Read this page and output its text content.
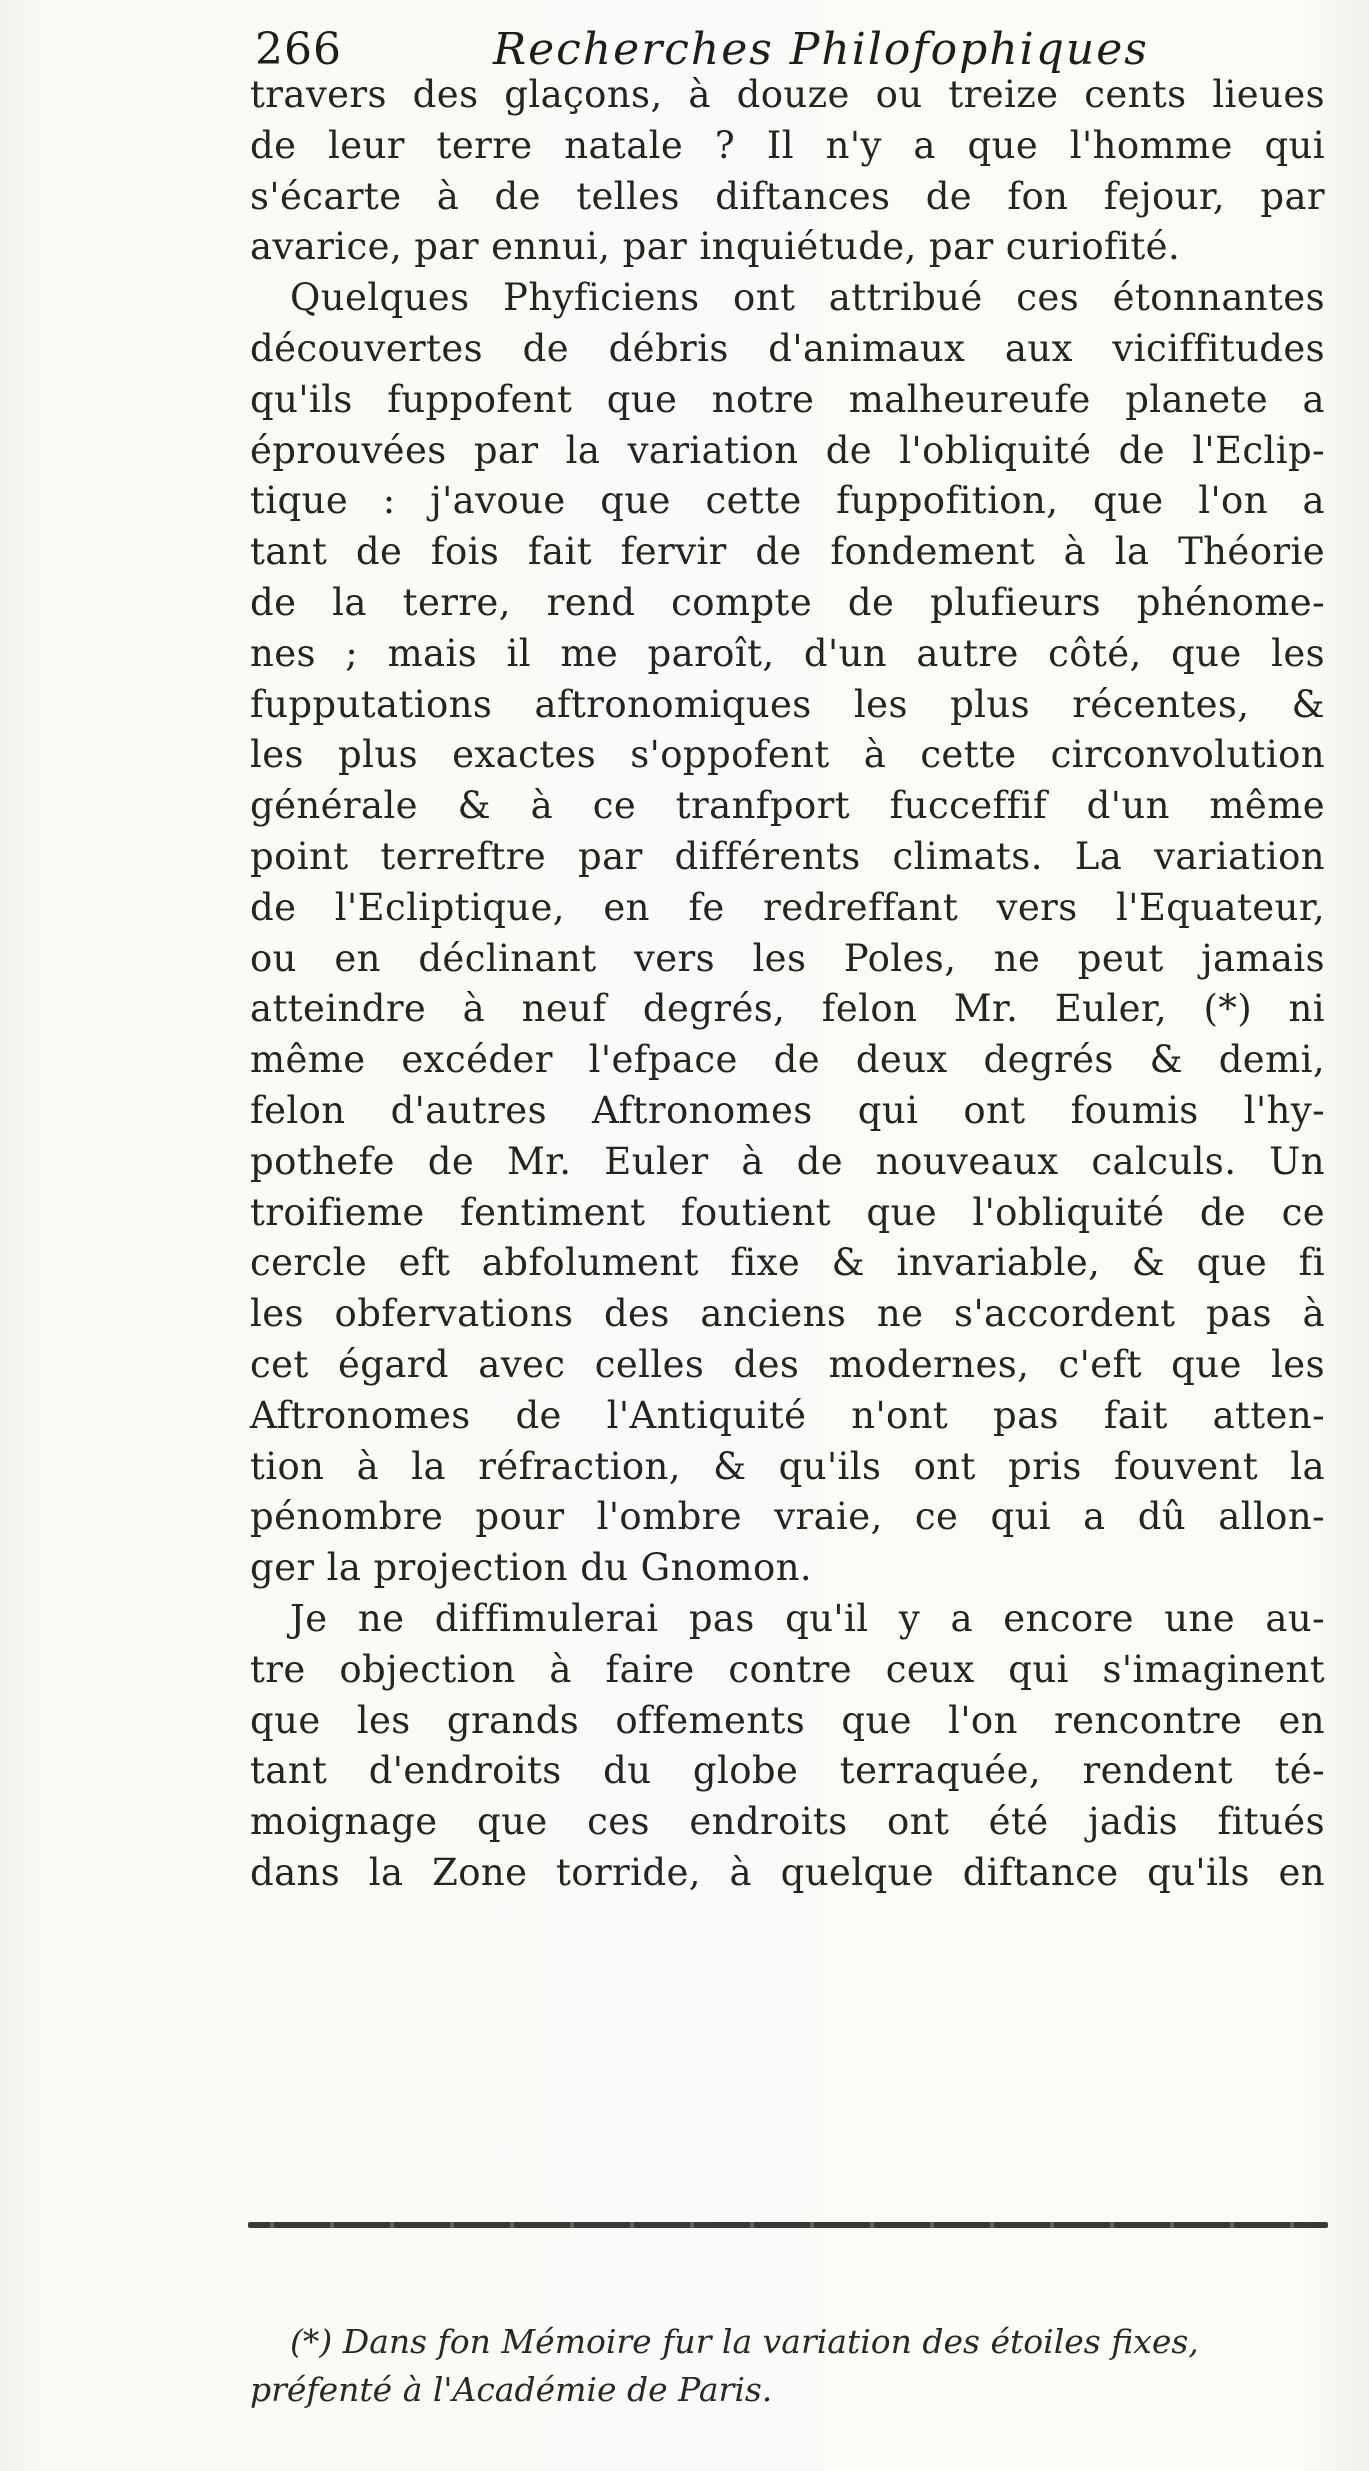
266	Recherches Philofophiques
travers des glaçons, à douze ou treize cents lieues
de leur terre natale ? Il n'y a que l'homme qui
s'écarte à de telles diftances de fon fejour, par
avarice, par ennui, par inquiétude, par curiofité.
Quelques Phyficiens ont attribué ces étonnantes
découvertes de débris d'animaux aux viciffitudes
qu'ils fuppofent que notre malheureufe planete a
éprouvées par la variation de l'obliquité de l'Eclip-
tique : j'avoue que cette fuppofition, que l'on a
tant de fois fait fervir de fondement à la Théorie
de la terre, rend compte de plufieurs phénome-
nes ; mais il me paroît, d'un autre côté, que les
fupputations aftronomiques les plus récentes, &
les plus exactes s'oppofent à cette circonvolution
générale & à ce tranfport fucceffif d'un même
point terreftre par différents climats. La variation
de l'Ecliptique, en fe redreffant vers l'Equateur,
ou en déclinant vers les Poles, ne peut jamais
atteindre à neuf degrés, felon Mr. Euler, (*) ni
même excéder l'efpace de deux degrés & demi,
felon d'autres Aftronomes qui ont foumis l'hy-
pothefe de Mr. Euler à de nouveaux calculs. Un
troifieme fentiment foutient que l'obliquité de ce
cercle eft abfolument fixe & invariable, & que fi
les obfervations des anciens ne s'accordent pas à
cet égard avec celles des modernes, c'eft que les
Aftronomes de l'Antiquité n'ont pas fait atten-
tion à la réfraction, & qu'ils ont pris fouvent la
pénombre pour l'ombre vraie, ce qui a dû allon-
ger la projection du Gnomon.
Je ne diffimulerai pas qu'il y a encore une au-
tre objection à faire contre ceux qui s'imaginent
que les grands offements que l'on rencontre en
tant d'endroits du globe terraquée, rendent té-
moignage que ces endroits ont été jadis fitués
dans la Zone torride, à quelque diftance qu'ils en
(*) Dans fon Mémoire fur la variation des étoiles fixes,
préfenté à l'Académie de Paris.
